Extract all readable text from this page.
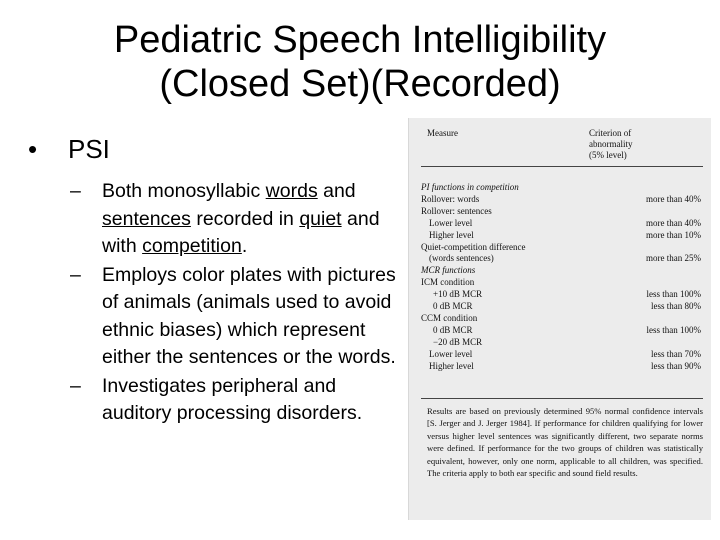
Pediatric Speech Intelligibility
(Closed Set)(Recorded)
•	PSI
–	Both monosyllabic words and sentences recorded in quiet and with competition.
–	Employs color plates with pictures of animals (animals used to avoid ethnic biases) which represent either the sentences or the words.
–	Investigates peripheral and auditory processing disorders.
Measure	Criterion of
abnormality
(5% level)
PI functions in competition
Rollover: words	more than 40%
Rollover: sentences
Lower level	more than 40%
Higher level	more than 10%
Quiet-competition difference
(words sentences)	more than 25%
MCR functions
ICM condition
+10 dB MCR	less than 100%
0 dB MCR	less than 80%
CCM condition
0 dB MCR	less than 100%
−20 dB MCR
Lower level	less than 70%
Higher level	less than 90%
Results are based on previously determined 95% normal confidence intervals [S. Jerger and J. Jerger 1984]. If performance for children qualifying for lower versus higher level sentences was significantly different, two separate norms were defined. If performance for the two groups of children was statistically equivalent, however, only one norm, applicable to all children, was specified. The criteria apply to both ear specific and sound field results.
